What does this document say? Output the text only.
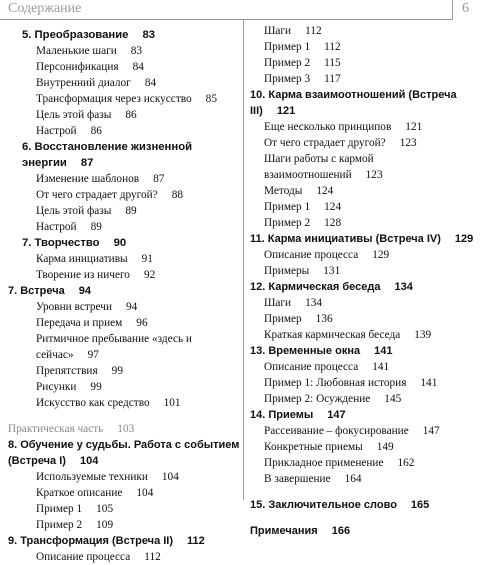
Содержание	6
5. Преобразование 83
Маленькие шаги 83
Персонификация 84
Внутренний диалог 84
Трансформация через искусство 85
Цель этой фазы 86
Настрой 86
6. Восстановление жизненной энергии 87
Изменение шаблонов 87
От чего страдает другой? 88
Цель этой фазы 89
Настрой 89
7. Творчество 90
Карма инициативы 91
Творение из ничего 92
7. Встреча 94
Уровни встречи 94
Передача и прием 96
Ритмичное пребывание «здесь и сейчас» 97
Препятствия 99
Рисунки 99
Искусство как средство 101
Практическая часть 103
8. Обучение у судьбы. Работа с событием (Встреча I) 104
Используемые техники 104
Краткое описание 104
Пример 1 105
Пример 2 109
9. Трансформация (Встреча II) 112
Описание процесса 112
Шаги 112
Пример 1 112
Пример 2 115
Пример 3 117
10. Карма взаимоотношений (Встреча III) 121
Еще несколько принципов 121
От чего страдает другой? 123
Шаги работы с кармой взаимоотношений 123
Методы 124
Пример 1 124
Пример 2 128
11. Карма инициативы (Встреча IV) 129
Описание процесса 129
Примеры 131
12. Кармическая беседа 134
Шаги 134
Пример 136
Краткая кармическая беседа 139
13. Временные окна 141
Описание процесса 141
Пример 1: Любовная история 141
Пример 2: Осуждение 145
14. Приемы 147
Рассеивание – фокусирование 147
Конкретные приемы 149
Прикладное применение 162
В завершение 164
15. Заключительное слово 165
Примечания 166
